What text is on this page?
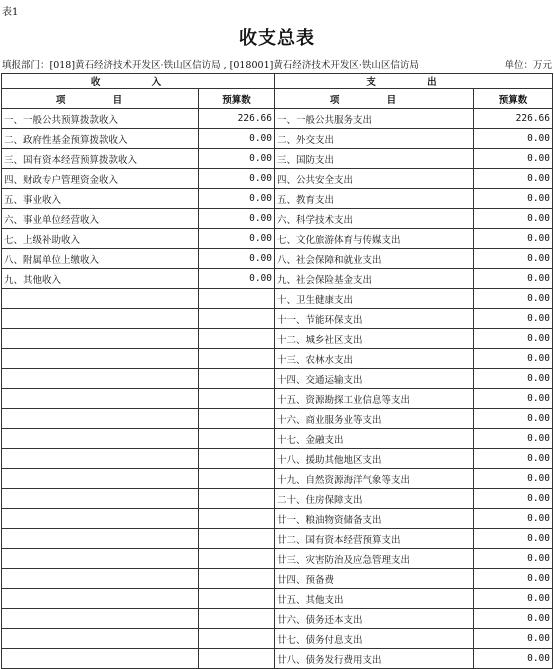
表1
收支总表
填报部门：[018]黄石经济技术开发区·铁山区信访局 , [018001]黄石经济技术开发区·铁山区信访局	单位：万元
收 入		支 出	
项 目	预算数	项 目	预算数
一、一般公共预算拨款收入	226.66	一、一般公共服务支出	226.66
二、政府性基金预算拨款收入	0.00	二、外交支出	0.00
三、国有资本经营预算拨款收入	0.00	三、国防支出	0.00
四、财政专户管理资金收入	0.00	四、公共安全支出	0.00
五、事业收入	0.00	五、教育支出	0.00
六、事业单位经营收入	0.00	六、科学技术支出	0.00
七、上级补助收入	0.00	七、文化旅游体育与传媒支出	0.00
八、附属单位上缴收入	0.00	八、社会保障和就业支出	0.00
九、其他收入	0.00	九、社会保险基金支出	0.00
		十、卫生健康支出	0.00
		十一、节能环保支出	0.00
		十二、城乡社区支出	0.00
		十三、农林水支出	0.00
		十四、交通运输支出	0.00
		十五、资源勘探工业信息等支出	0.00
		十六、商业服务业等支出	0.00
		十七、金融支出	0.00
		十八、援助其他地区支出	0.00
		十九、自然资源海洋气象等支出	0.00
		二十、住房保障支出	0.00
		廿一、粮油物资储备支出	0.00
		廿二、国有资本经营预算支出	0.00
		廿三、灾害防治及应急管理支出	0.00
		廿四、预备费	0.00
		廿五、其他支出	0.00
		廿六、债务还本支出	0.00
		廿七、债务付息支出	0.00
		廿八、债务发行费用支出	0.00
